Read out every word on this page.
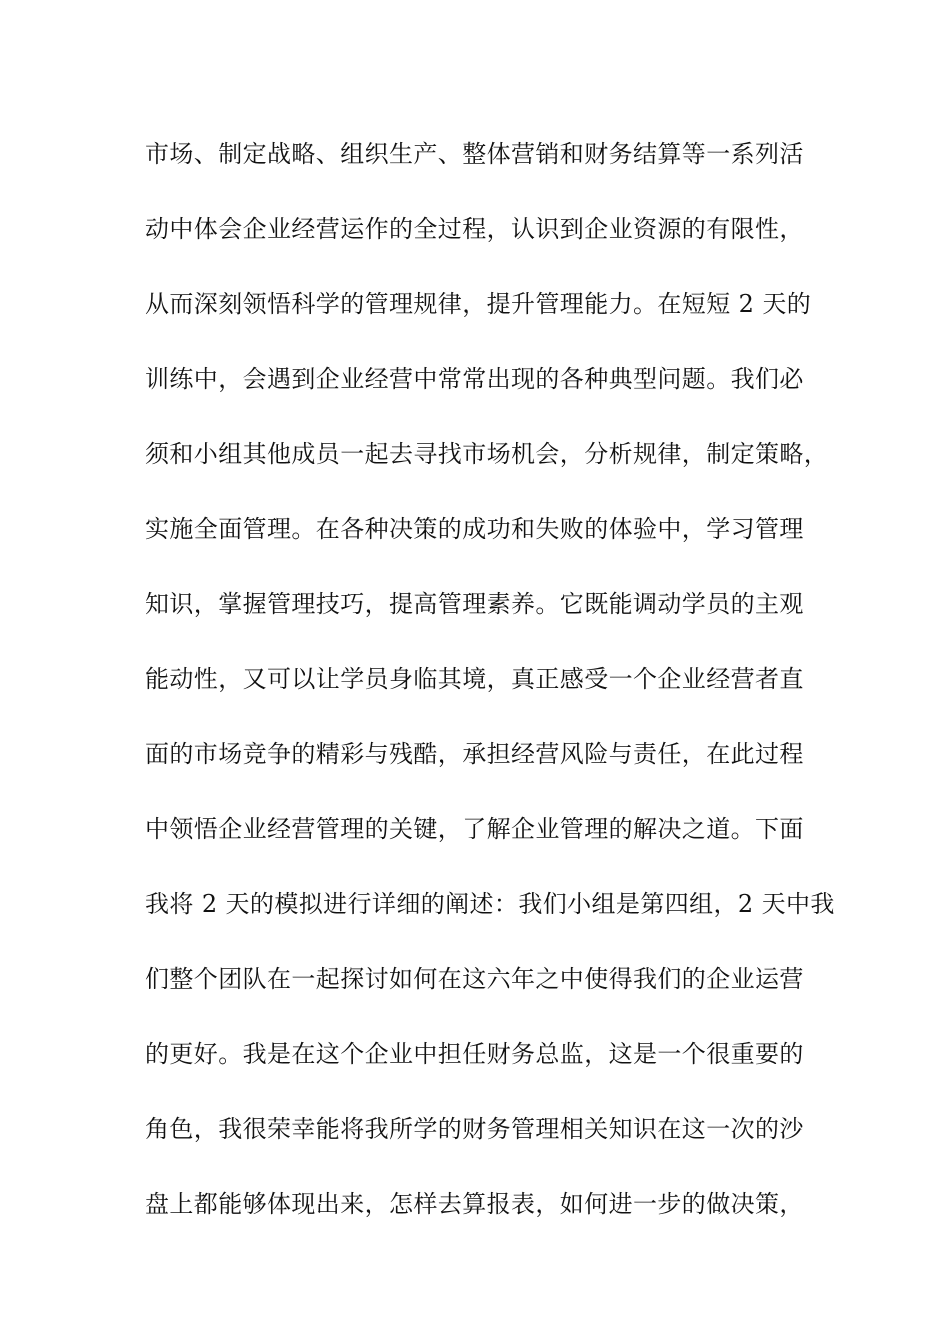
市场、制定战略、组织生产、整体营销和财务结算等一系列活
动中体会企业经营运作的全过程，认识到企业资源的有限性，
从而深刻领悟科学的管理规律，提升管理能力。在短短 2 天的
训练中，会遇到企业经营中常常出现的各种典型问题。我们必
须和小组其他成员一起去寻找市场机会，分析规律，制定策略，
实施全面管理。在各种决策的成功和失败的体验中，学习管理
知识，掌握管理技巧，提高管理素养。它既能调动学员的主观
能动性，又可以让学员身临其境，真正感受一个企业经营者直
面的市场竞争的精彩与残酷，承担经营风险与责任，在此过程
中领悟企业经营管理的关键，了解企业管理的解决之道。下面
我将 2 天的模拟进行详细的阐述：我们小组是第四组，2 天中我
们整个团队在一起探讨如何在这六年之中使得我们的企业运营
的更好。我是在这个企业中担任财务总监，这是一个很重要的
角色，我很荣幸能将我所学的财务管理相关知识在这一次的沙
盘上都能够体现出来，怎样去算报表，如何进一步的做决策，
